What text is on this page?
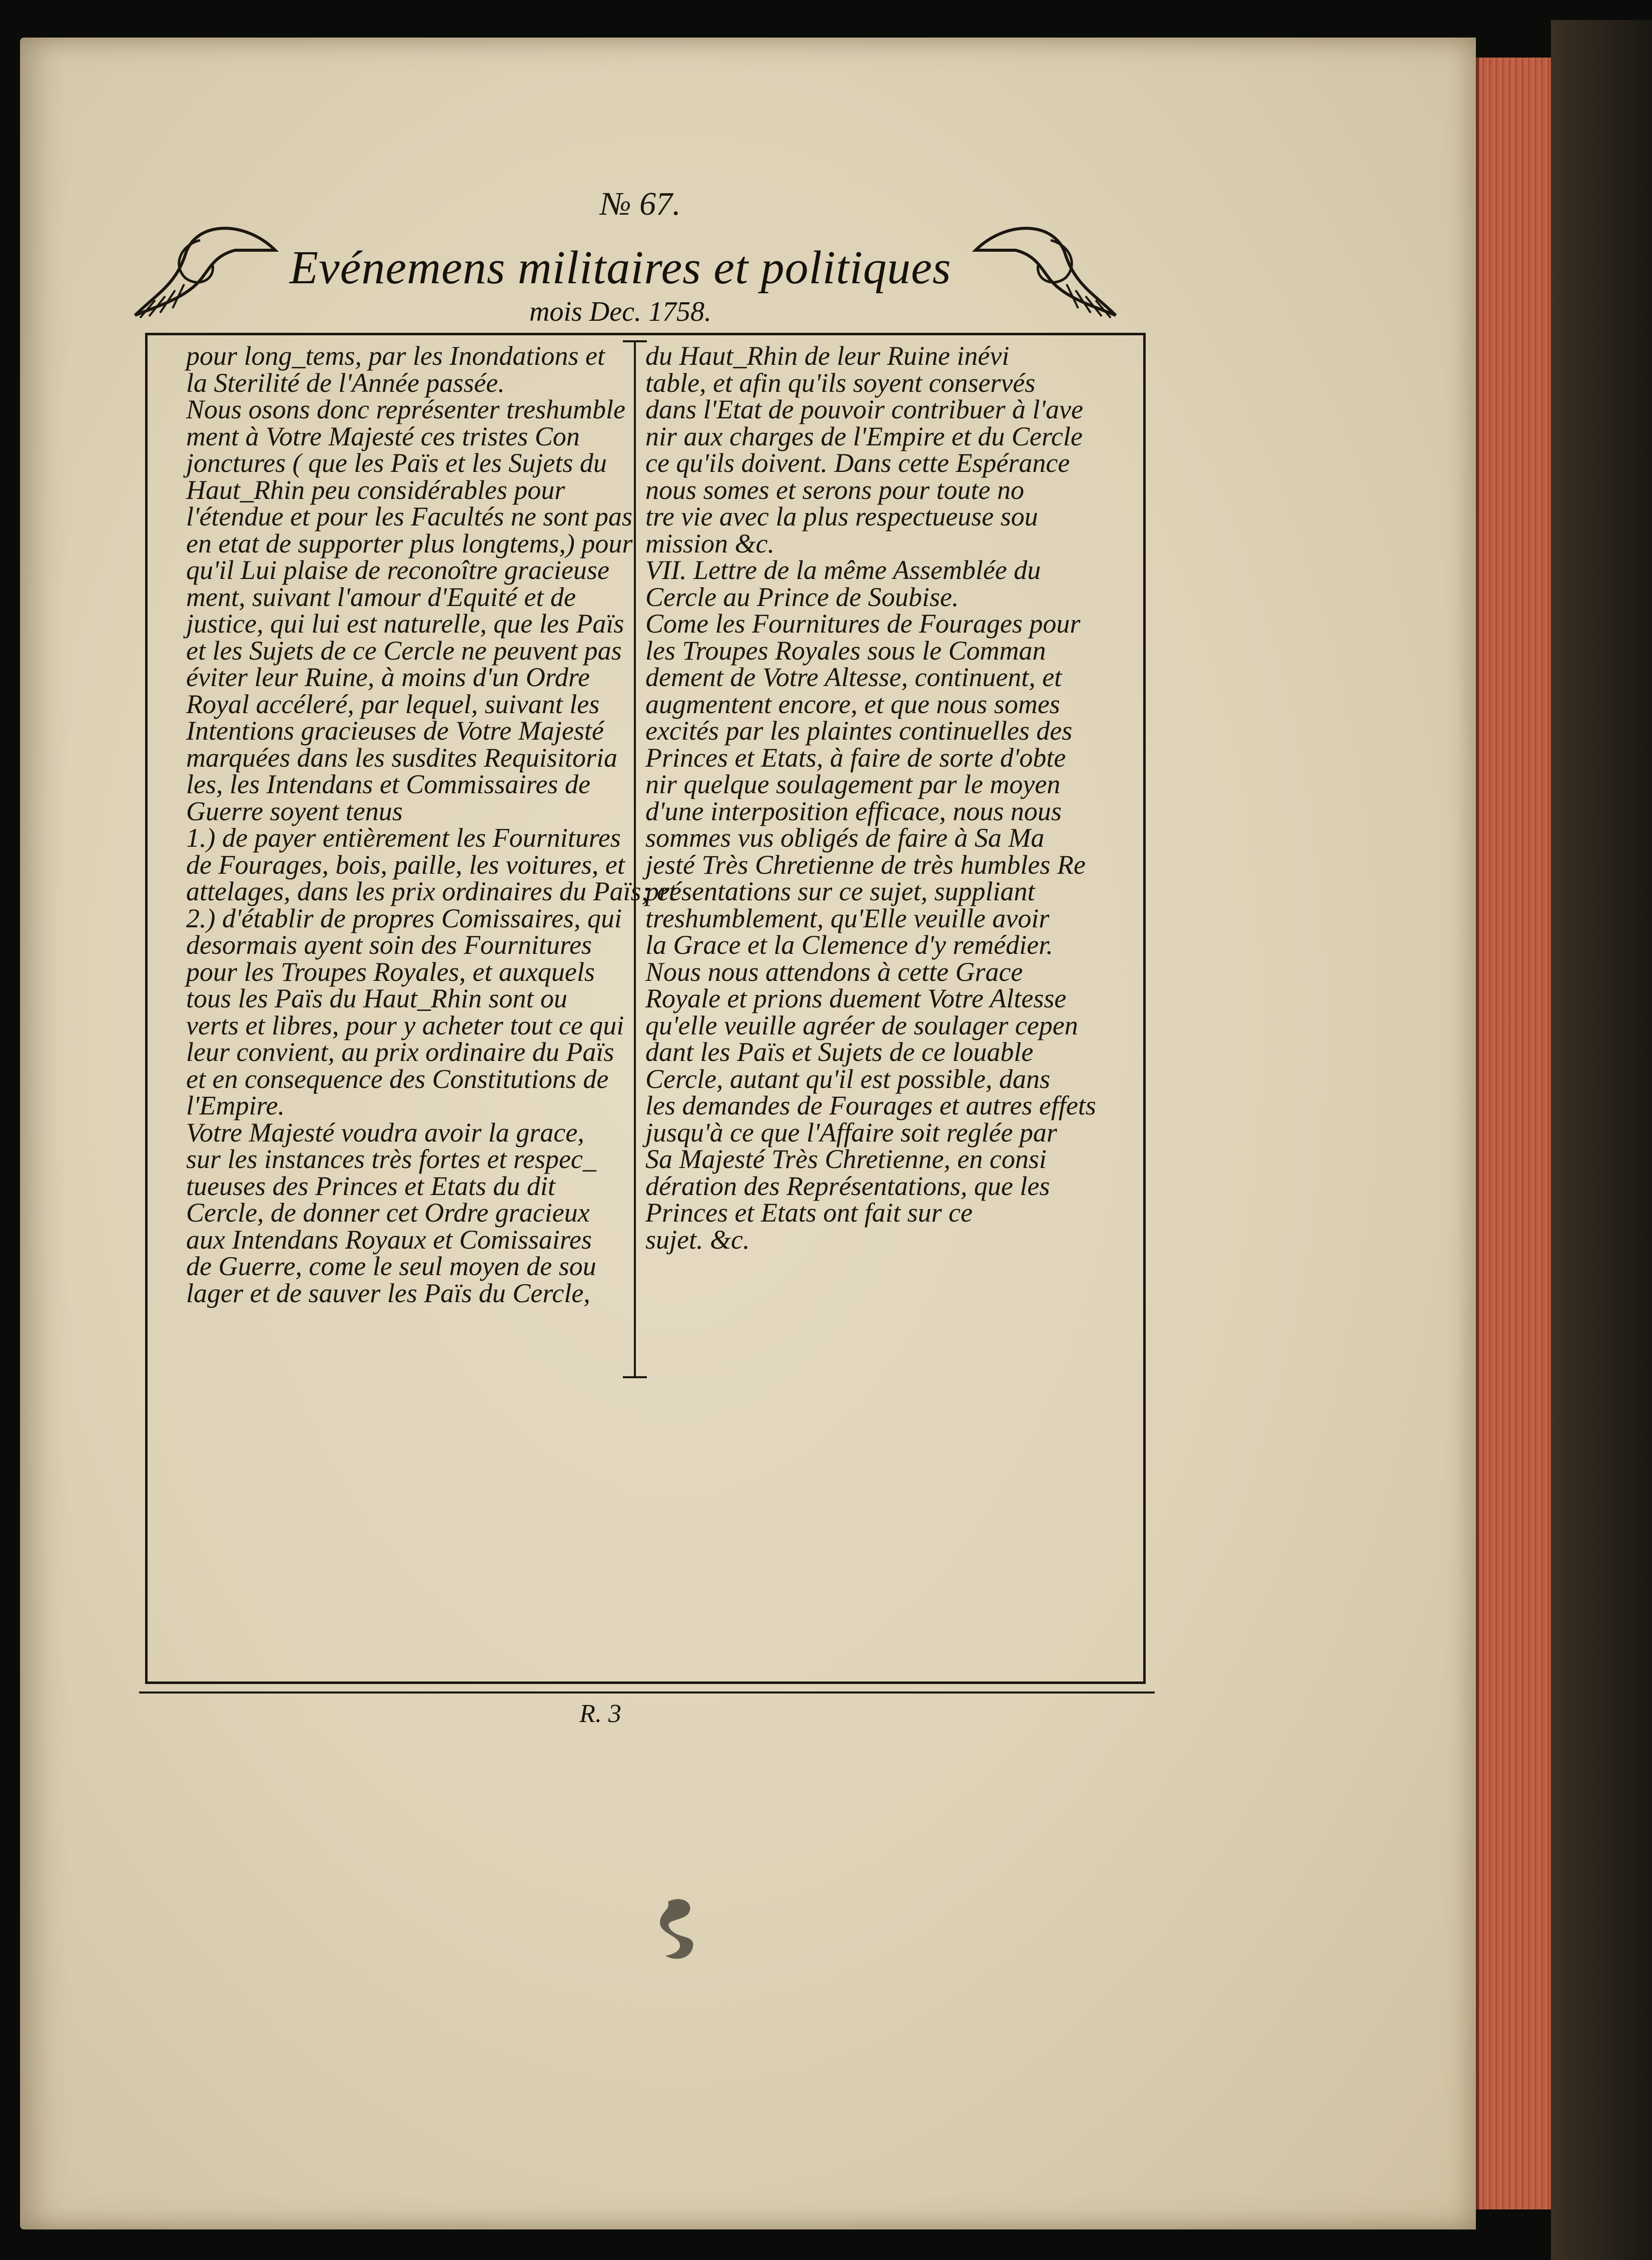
№ 67.
Evénemens militaires et politiques
mois Dec. 1758.
pour long_tems, par les Inondations et
la Sterilité de l'Année passée.
Nous osons donc représenter treshumble
ment à Votre Majesté ces tristes Con
jonctures ( que les Païs et les Sujets du
Haut_Rhin peu considérables pour
l'étendue et pour les Facultés ne sont pas
en etat de supporter plus longtems,) pour
qu'il Lui plaise de reconoître gracieuse
ment, suivant l'amour d'Equité et de
justice, qui lui est naturelle, que les Païs
et les Sujets de ce Cercle ne peuvent pas
éviter leur Ruine, à moins d'un Ordre
Royal accéleré, par lequel, suivant les
Intentions gracieuses de Votre Majesté
marquées dans les susdites Requisitoria
les, les Intendans et Commissaires de
Guerre soyent tenus
1.) de payer entièrement les Fournitures
de Fourages, bois, paille, les voitures, et
attelages, dans les prix ordinaires du Païs; et
2.) d'établir de propres Comissaires, qui
desormais ayent soin des Fournitures
pour les Troupes Royales, et auxquels
tous les Païs du Haut_Rhin sont ou
verts et libres, pour y acheter tout ce qui
leur convient, au prix ordinaire du Païs
et en consequence des Constitutions de
l'Empire.
Votre Majesté voudra avoir la grace,
sur les instances très fortes et respec_
tueuses des Princes et Etats du dit
Cercle, de donner cet Ordre gracieux
aux Intendans Royaux et Comissaires
de Guerre, come le seul moyen de sou
lager et de sauver les Païs du Cercle,
du Haut_Rhin de leur Ruine inévi
table, et afin qu'ils soyent conservés
dans l'Etat de pouvoir contribuer à l'ave
nir aux charges de l'Empire et du Cercle
ce qu'ils doivent. Dans cette Espérance
nous somes et serons pour toute no
tre vie avec la plus respectueuse sou
mission &c.
VII. Lettre de la même Assemblée du
Cercle au Prince de Soubise.
Come les Fournitures de Fourages pour
les Troupes Royales sous le Comman
dement de Votre Altesse, continuent, et
augmentent encore, et que nous somes
excités par les plaintes continuelles des
Princes et Etats, à faire de sorte d'obte
nir quelque soulagement par le moyen
d'une interposition efficace, nous nous
sommes vus obligés de faire à Sa Ma
jesté Très Chretienne de très humbles Re
présentations sur ce sujet, suppliant
treshumblement, qu'Elle veuille avoir
la Grace et la Clemence d'y remédier.
Nous nous attendons à cette Grace
Royale et prions duement Votre Altesse
qu'elle veuille agréer de soulager cepen
dant les Païs et Sujets de ce louable
Cercle, autant qu'il est possible, dans
les demandes de Fourages et autres effets
jusqu'à ce que l'Affaire soit reglée par
Sa Majesté Très Chretienne, en consi
dération des Représentations, que les
Princes et Etats ont fait sur ce
sujet. &c.
R. 3
